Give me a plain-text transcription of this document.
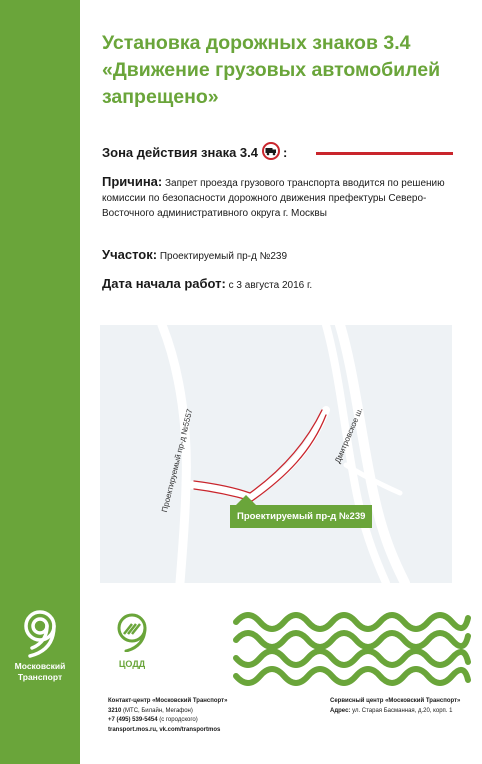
Московский
Транспорт
Установка дорожных знаков 3.4 «Движение грузовых автомобилей запрещено»
Зона действия знака 3.4 :
Причина: Запрет проезда грузового транспорта вводится по решению комиссии по безопасности дорожного движения префектуры Северо-Восточного административного округа г. Москвы
Участок: Проектируемый пр-д №239
Дата начала работ: с 3 августа 2016 г.
Проектируемый пр-д №5557	Дмитровское ш.
Проектируемый пр-д №239
ЦОДД
Контакт-центр «Московский Транспорт»
3210 (МТС, Билайн, Мегафон)
+7 (495) 539-5454 (с городского)
transport.mos.ru, vk.com/transportmos
Сервисный центр «Московский Транспорт»
Адрес: ул. Старая Басманная, д.20, корп. 1
